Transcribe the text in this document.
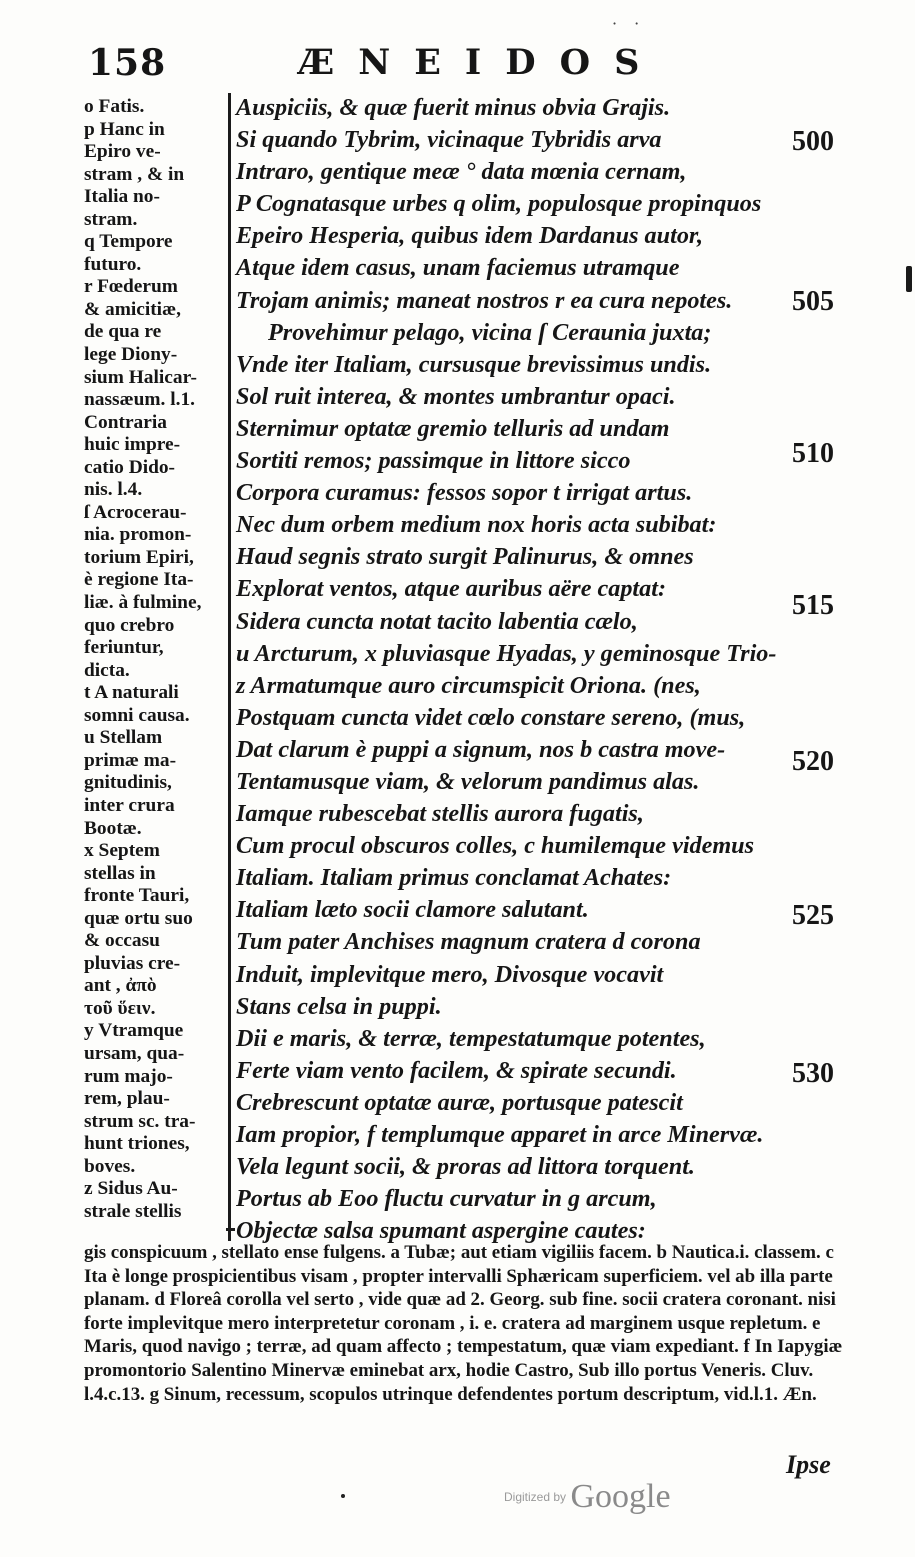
· ·
158	ÆNEIDOS
o Fatis.
p Hanc in
Epiro ve-
stram , & in
Italia no-
stram.
q Tempore
futuro.
r Fœderum
& amicitiæ,
de qua re
lege Diony-
sium Halicar-
nassæum. l.1.
Contraria
huic impre-
catio Dido-
nis. l.4.
ſ Acrocerau-
nia. promon-
torium Epiri,
è regione Ita-
liæ. à fulmine,
quo crebro
feriuntur,
dicta.
t A naturali
somni causa.
u Stellam
primæ ma-
gnitudinis,
inter crura
Bootæ.
x Septem
stellas in
fronte Tauri,
quæ ortu suo
& occasu
pluvias cre-
ant , ἀπὸ
τοῦ ὕειν.
y Vtramque
ursam, qua-
rum majo-
rem, plau-
strum sc. tra-
hunt triones,
boves.
z Sidus Au-
strale stellis
Auspiciis, & quæ fuerit minus obvia Grajis.
Si quando Tybrim, vicinaque Tybridis arva
Intraro, gentique meæ ° data mœnia cernam,
P Cognatasque urbes q olim, populosque propinquos
Epeiro Hesperia, quibus idem Dardanus autor,
Atque idem casus, unam faciemus utramque
Trojam animis; maneat nostros r ea cura nepotes.
Provehimur pelago, vicina ſ Ceraunia juxta;
Vnde iter Italiam, cursusque brevissimus undis.
Sol ruit interea, & montes umbrantur opaci.
Sternimur optatæ gremio telluris ad undam
Sortiti remos; passimque in littore sicco
Corpora curamus: fessos sopor t irrigat artus.
Nec dum orbem medium nox horis acta subibat:
Haud segnis strato surgit Palinurus, & omnes
Explorat ventos, atque auribus aëre captat:
Sidera cuncta notat tacito labentia cælo,
u Arcturum, x pluviasque Hyadas, y geminosque Trio-
z Armatumque auro circumspicit Oriona. (nes,
Postquam cuncta videt cœlo constare sereno, (mus,
Dat clarum è puppi a signum, nos b castra move-
Tentamusque viam, & velorum pandimus alas.
Iamque rubescebat stellis aurora fugatis,
Cum procul obscuros colles, c humilemque videmus
Italiam. Italiam primus conclamat Achates:
Italiam læto socii clamore salutant.
Tum pater Anchises magnum cratera d corona
Induit, implevitque mero, Divosque vocavit
Stans celsa in puppi.
Dii e maris, & terræ, tempestatumque potentes,
Ferte viam vento facilem, & spirate secundi.
Crebrescunt optatæ auræ, portusque patescit
Iam propior, f templumque apparet in arce Minervæ.
Vela legunt socii, & proras ad littora torquent.
Portus ab Eoo fluctu curvatur in g arcum,
Objectæ salsa spumant aspergine cautes:
500
505
510
515
520
525
530

gis conspicuum , stellato ense fulgens. a Tubæ; aut etiam vigiliis facem. b Nautica.i. classem. c Ita è longe prospicientibus visam , propter intervalli Sphæricam superficiem. vel ab illa parte planam. d Floreâ corolla vel serto , vide quæ ad 2. Georg. sub fine. socii cratera coronant. nisi forte implevitque mero interpretetur coronam , i. e. cratera ad marginem usque repletum. e Maris, quod navigo ; terræ, ad quam affecto ; tempestatum, quæ viam expediant. f In Iapygiæ promontorio Salentino Minervæ eminebat arx, hodie Castro, Sub illo portus Veneris. Cluv. l.4.c.13. g Sinum, recessum, scopulos utrinque defendentes portum descriptum, vid.l.1. Æn.

Ipse
$^{Digitized by}$ Google
